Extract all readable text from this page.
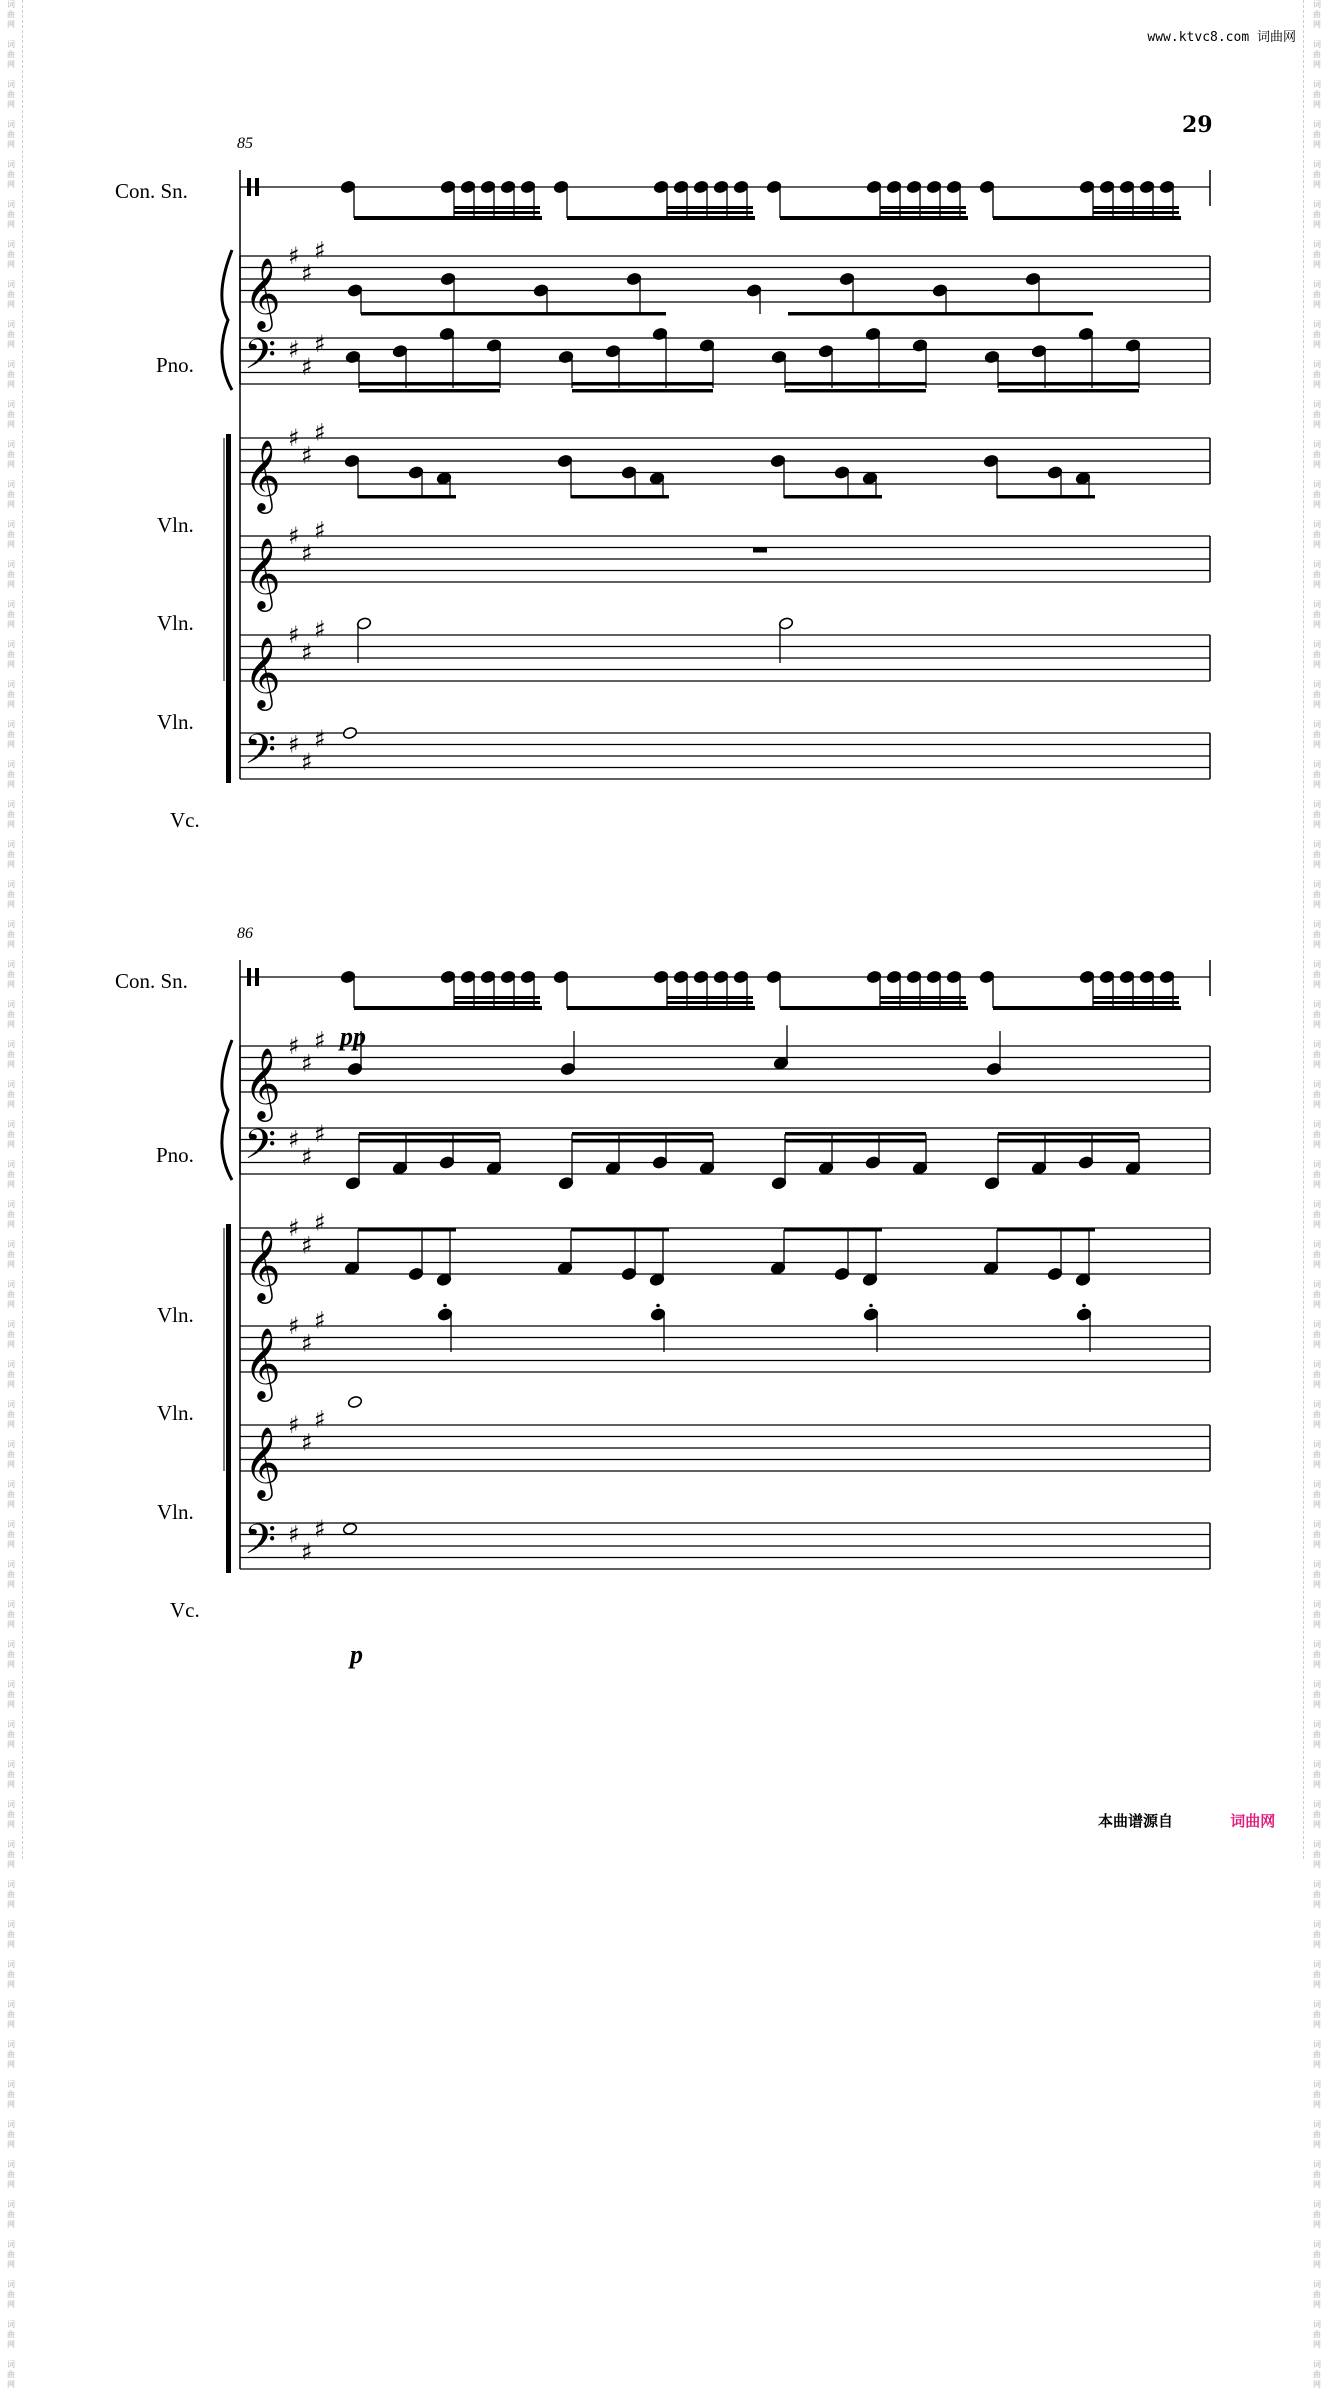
词
曲
网

词
曲
网

词
曲
网

词
曲
网

词
曲
网

词
曲
网

词
曲
网

词
曲
网

词
曲
网

词
曲
网

词
曲
网

词
曲
网

词
曲
网

词
曲
网

词
曲
网

词
曲
网

词
曲
网

词
曲
网

词
曲
网

词
曲
网

词
曲
网

词
曲
网

词
曲
网

词
曲
网

词
曲
网

词
曲
网

词
曲
网

词
曲
网

词
曲
网

词
曲
网

词
曲
网

词
曲
网

词
曲
网

词
曲
网

词
曲
网

词
曲
网

词
曲
网

词
曲
网

词
曲
网

词
曲
网

词
曲
网

词
曲
网

词
曲
网

词
曲
网

词
曲
网

词
曲
网

词
曲
网

词
曲
网

词
曲
网

词
曲
网

词
曲
网

词
曲
网

词
曲
网

词
曲
网

词
曲
网

词
曲
网

词
曲
网

词
曲
网

词
曲
网

词
曲
网

词
曲
网

词
曲
网

词
曲
网

词
曲
网

词
曲
网

词
曲
网

词
曲
网

词
曲
网

词
曲
网

词
曲
网

词
曲
网

词
曲
网

词
曲
网

词
曲
网

词
曲
网

词
曲
网

词
曲
网

词
曲
网

词
曲
网

词
曲
网

词
曲
网

词
曲
网

词
曲
网

词
曲
网

词
曲
网

词
曲
网

词
曲
网

词
曲
网

词
曲
网

词
曲
网

词
曲
网

词
曲
网

词
曲
网

词
曲
网

词
曲
网

词
曲
网

词
曲
网

词
曲
网

词
曲
网

词
曲
网

词
曲
网

词
曲
网

词
曲
网

词
曲
网

词
曲
网

词
曲
网

词
曲
网

词
曲
网

词
曲
网

词
曲
网

词
曲
网

词
曲
网

词
曲
网

词
曲
网

词
曲
网

词
曲
网

词
曲
网

词
曲
网

词
曲
网

词
曲
网

www.ktvc8.com 词曲网
29
85
Con. Sn.
Pno.
Vln.
Vln.
Vln.
Vc.
𝄞 ♯
♯
♯
𝄢 ♯
♯
♯
𝄞 ♯
♯
♯
𝄞 ♯
♯
♯
𝄞 ♯
♯
♯
𝄢 ♯
♯
♯
86
Con. Sn.
Pno.
Vln.
Vln.
Vln.
Vc.
pp
p
𝄞 ♯
♯
♯
𝄢 ♯
♯
♯
𝄞 ♯
♯
♯
𝄞 ♯
♯
♯
𝄞 ♯
♯
♯
𝄢 ♯
♯
♯
本曲谱源自	词曲网
